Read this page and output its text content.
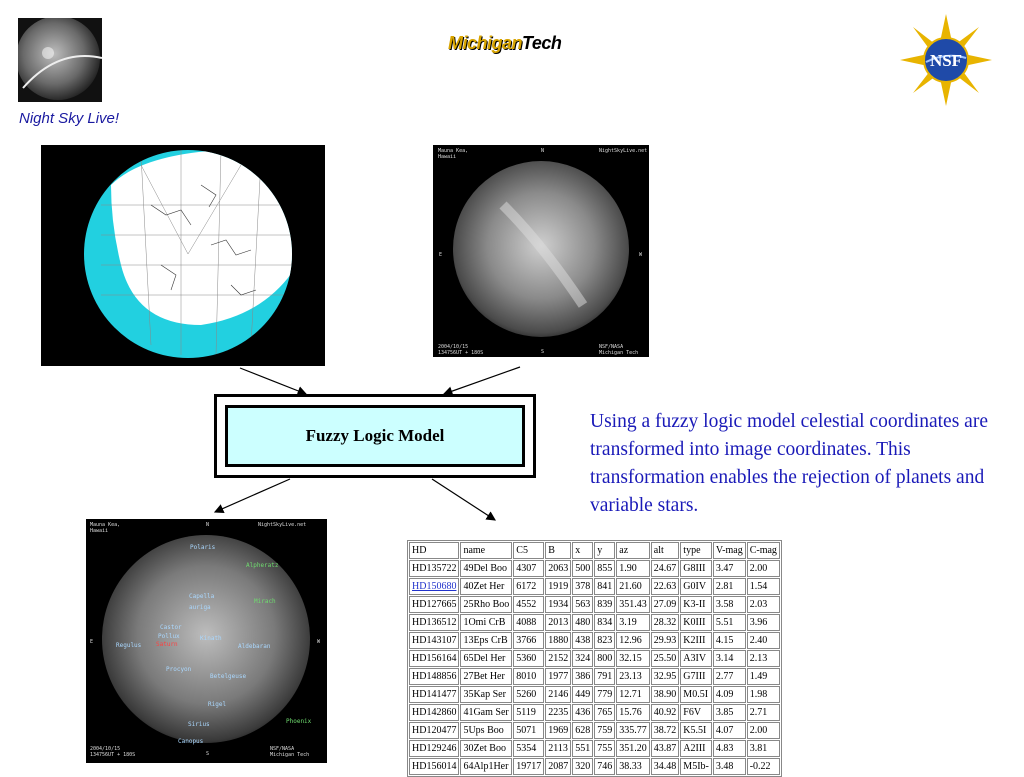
Night Sky Live!
MichiganTech
NSF
Mauna Kea,
Hawaii
N	NightSkyLive.net
E	W
2004/10/15
134756UT + 180S	S
NSF/NASA
Michigan Tech
Fuzzy Logic Model
Using a fuzzy logic model celestial coordinates are transformed into image coordinates. This transformation enables the rejection of planets and variable stars.
Mauna Kea,
Hawaii
N	NightSkyLive.net
E	W
2004/10/15
134756UT + 180S	S
NSF/NASA
Michigan Tech
Polaris
Capella
auriga
Castor
Pollux
Regulus Saturn
Kinath
Aldebaran
Betelgeuse
Procyon
Rigel
Sirius
Canopus
Mirach
Alpheratz
Phoenix
HD	name	C5	B	x	y	az	alt	type	V-mag	C-mag
HD135722	49Del Boo	4307	2063	500	855	1.90	24.67	G8III	3.47	2.00
HD150680	40Zet Her	6172	1919	378	841	21.60	22.63	G0IV	2.81	1.54
HD127665	25Rho Boo	4552	1934	563	839	351.43	27.09	K3-II	3.58	2.03
HD136512	1Omi CrB	4088	2013	480	834	3.19	28.32	K0III	5.51	3.96
HD143107	13Eps CrB	3766	1880	438	823	12.96	29.93	K2III	4.15	2.40
HD156164	65Del Her	5360	2152	324	800	32.15	25.50	A3IV	3.14	2.13
HD148856	27Bet Her	8010	1977	386	791	23.13	32.95	G7III	2.77	1.49
HD141477	35Kap Ser	5260	2146	449	779	12.71	38.90	M0.5I	4.09	1.98
HD142860	41Gam Ser	5119	2235	436	765	15.76	40.92	F6V	3.85	2.71
HD120477	5Ups Boo	5071	1969	628	759	335.77	38.72	K5.5I	4.07	2.00
HD129246	30Zet Boo	5354	2113	551	755	351.20	43.87	A2III	4.83	3.81
HD156014	64Alp1Her	19717	2087	320	746	38.33	34.48	M5Ib-	3.48	-0.22
